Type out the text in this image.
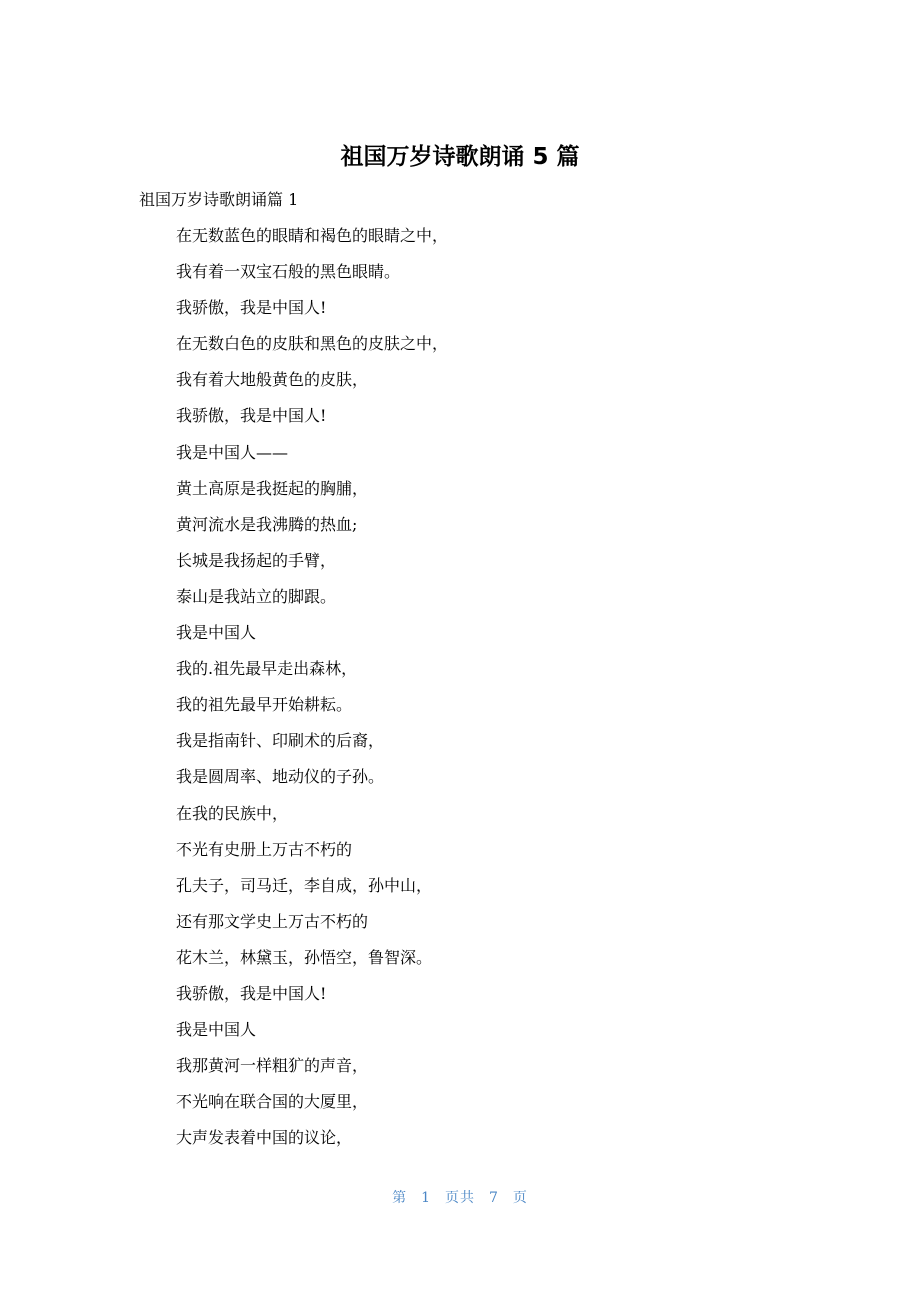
祖国万岁诗歌朗诵 5 篇

祖国万岁诗歌朗诵篇 1

在无数蓝色的眼睛和褐色的眼睛之中，
我有着一双宝石般的黑色眼睛。
我骄傲，我是中国人!
在无数白色的皮肤和黑色的皮肤之中，
我有着大地般黄色的皮肤，
我骄傲，我是中国人!
我是中国人——
黄土高原是我挺起的胸脯，
黄河流水是我沸腾的热血;
长城是我扬起的手臂，
泰山是我站立的脚跟。
我是中国人
我的.祖先最早走出森林，
我的祖先最早开始耕耘。
我是指南针、印刷术的后裔，
我是圆周率、地动仪的子孙。
在我的民族中，
不光有史册上万古不朽的
孔夫子，司马迁，李自成，孙中山，
还有那文学史上万古不朽的
花木兰，林黛玉，孙悟空，鲁智深。
我骄傲，我是中国人!
我是中国人
我那黄河一样粗犷的声音，
不光响在联合国的大厦里，
大声发表着中国的议论，
第 1 页共 7 页
